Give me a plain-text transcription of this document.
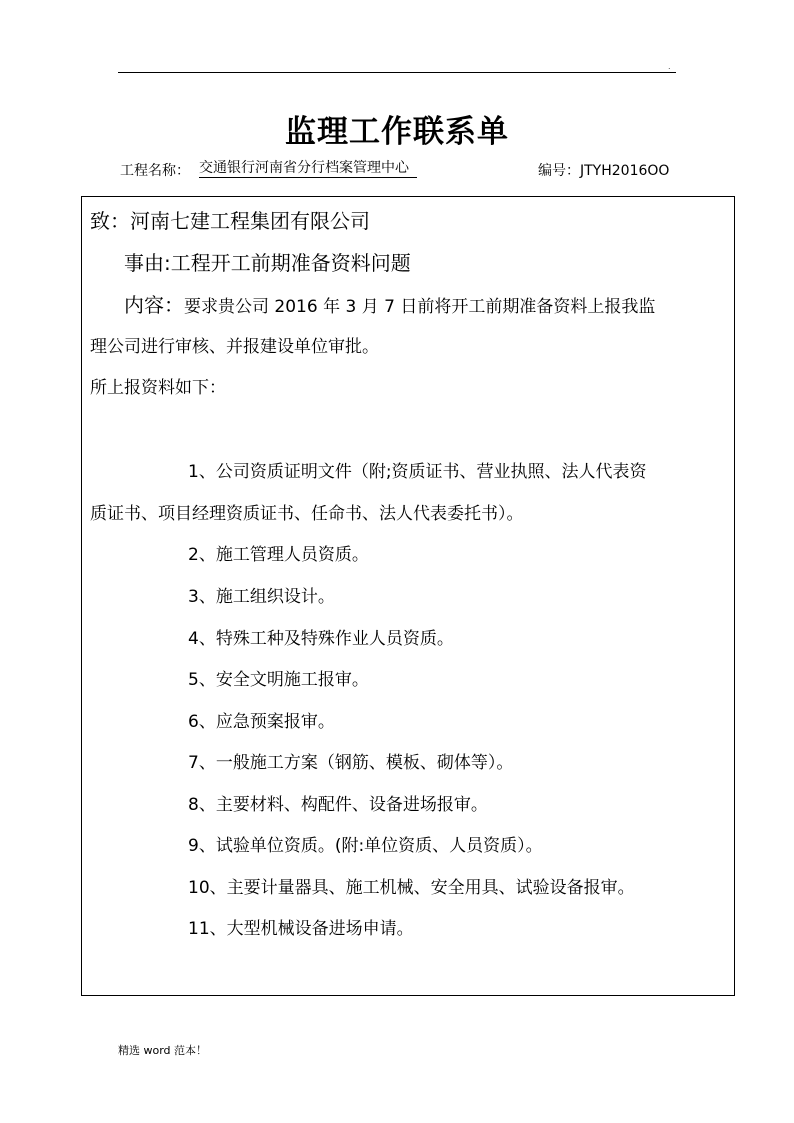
.
监理工作联系单
工程名称： 交通银行河南省分行档案管理中心	编号：JTYH2016OO
致：河南七建工程集团有限公司
事由:工程开工前期准备资料问题
内容：要求贵公司 2016 年 3 月 7 日前将开工前期准备资料上报我监
理公司进行审核、并报建设单位审批。
所上报资料如下：
1、公司资质证明文件（附;资质证书、营业执照、法人代表资
质证书、项目经理资质证书、任命书、法人代表委托书）。
2、施工管理人员资质。
3、施工组织设计。
4、特殊工种及特殊作业人员资质。
5、安全文明施工报审。
6、应急预案报审。
7、一般施工方案（钢筋、模板、砌体等）。
8、主要材料、构配件、设备进场报审。
9、试验单位资质。(附:单位资质、人员资质）。
10、主要计量器具、施工机械、安全用具、试验设备报审。
11、大型机械设备进场申请。
精选 word 范本！
